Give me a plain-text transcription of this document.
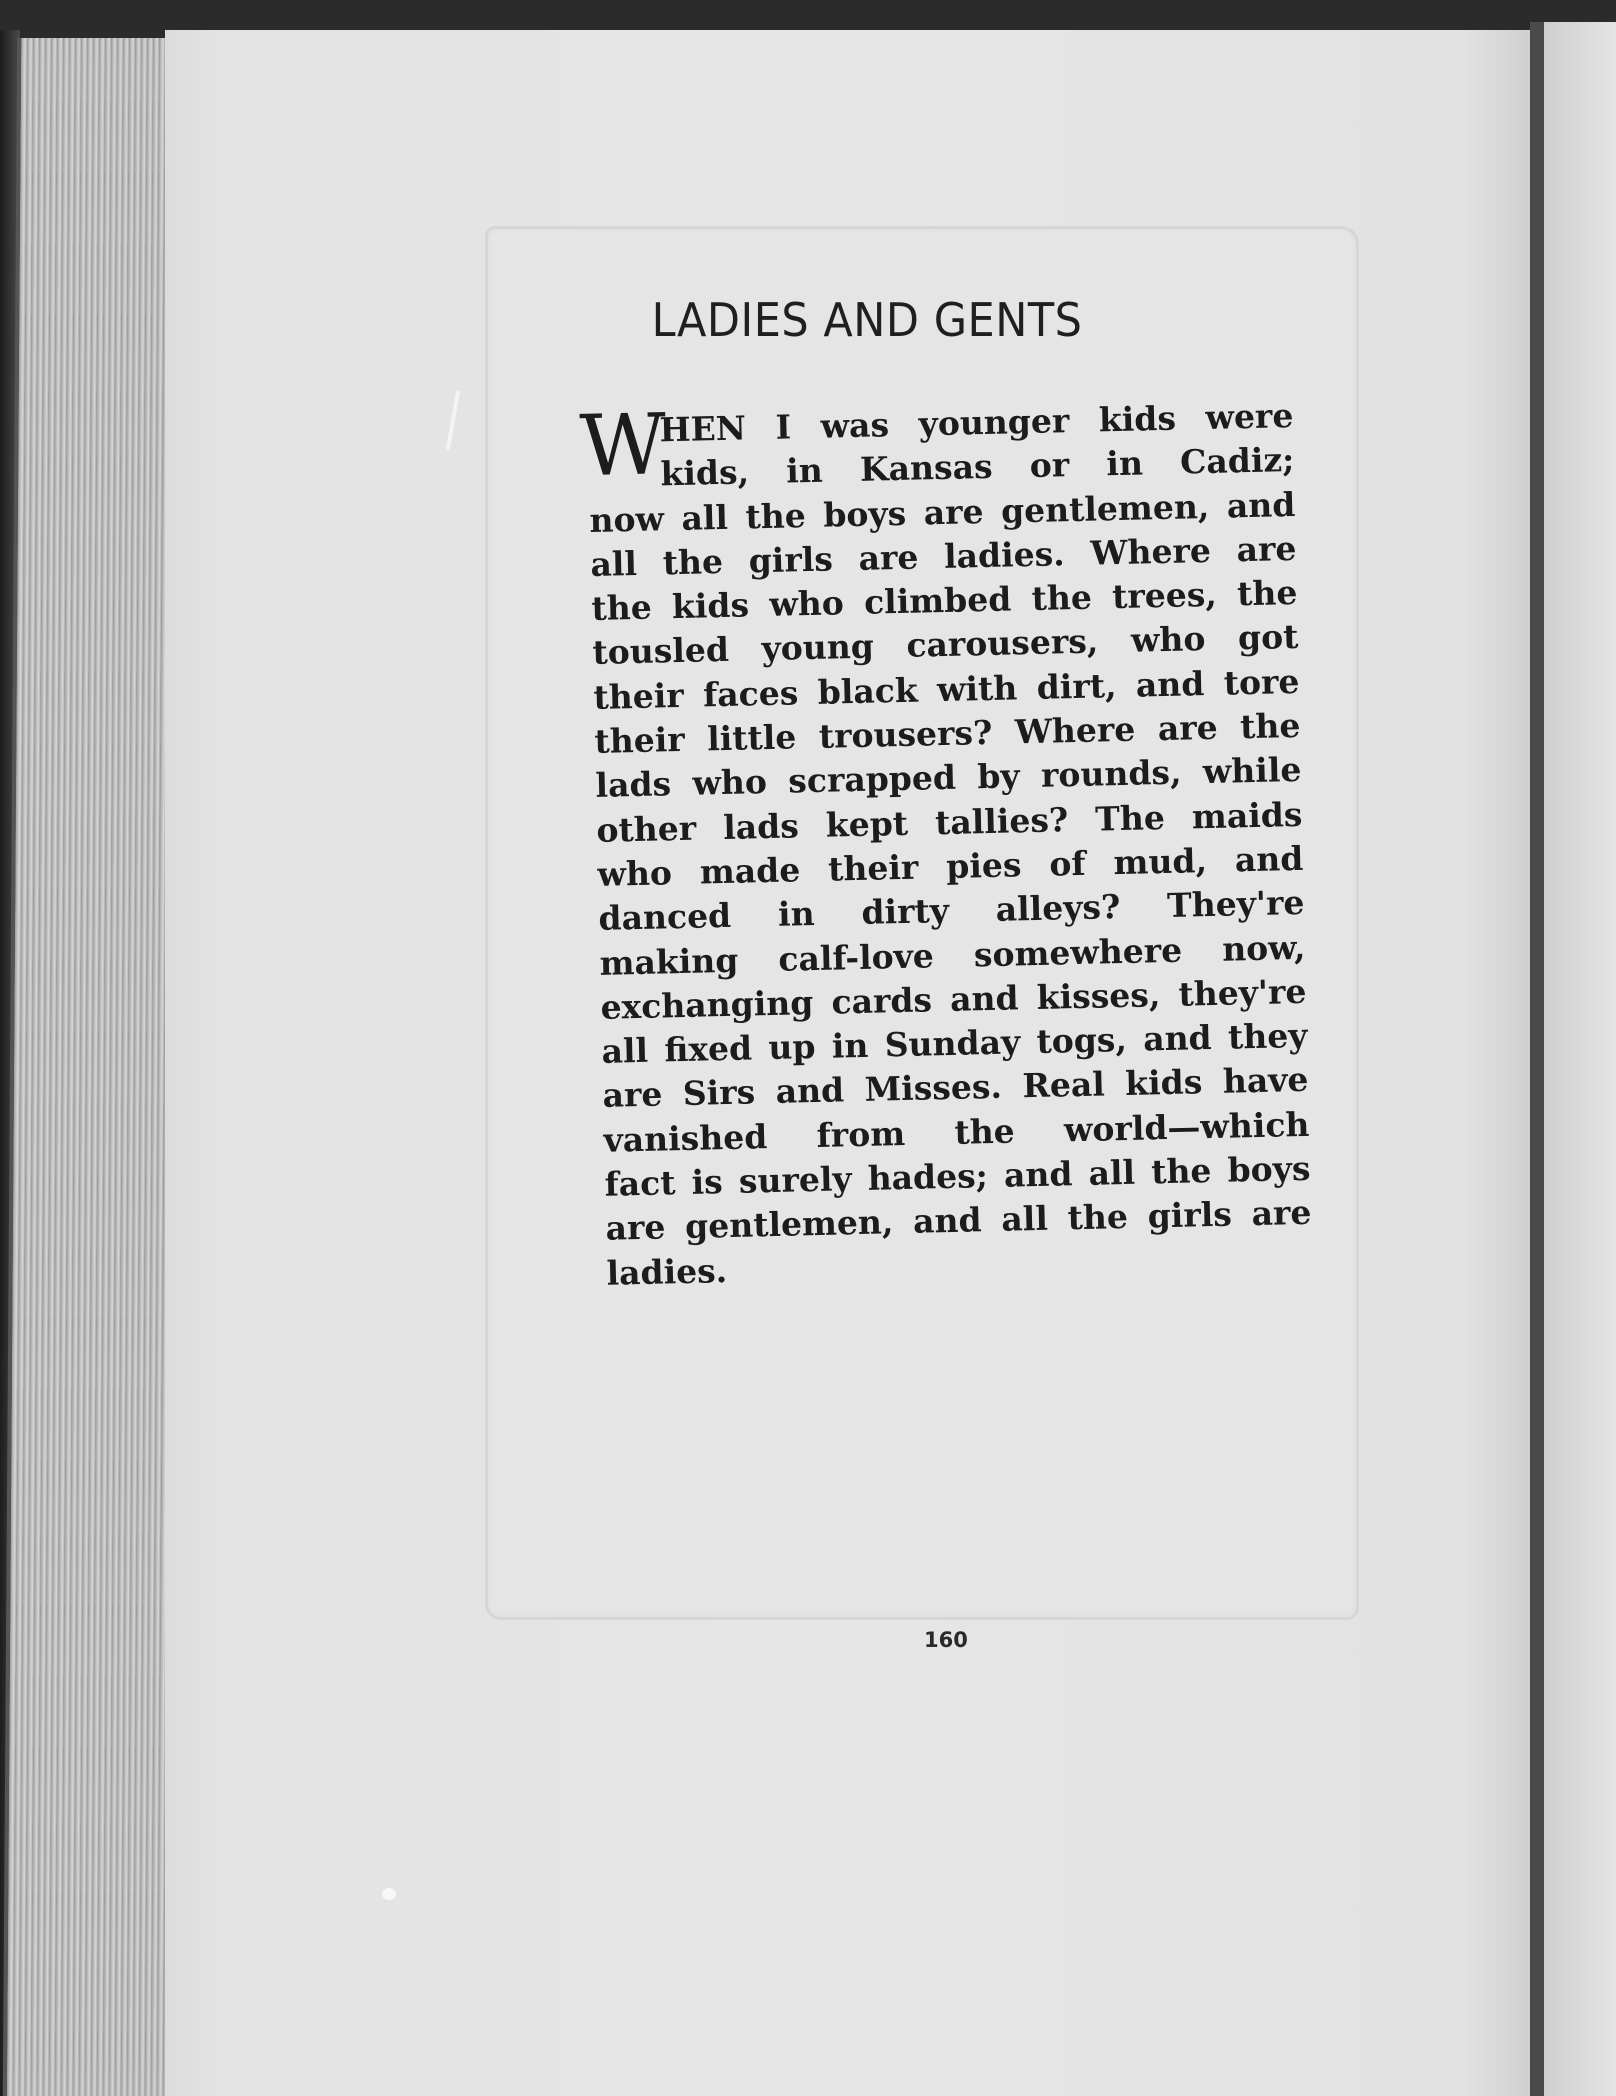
LADIES AND GENTS
W
HEN I was younger kids were
kids, in Kansas or in Cadiz;
now all the boys are gentlemen, and
all the girls are ladies. Where are
the kids who climbed the trees, the
tousled young carousers, who got
their faces black with dirt, and tore
their little trousers? Where are the
lads who scrapped by rounds, while
other lads kept tallies? The maids
who made their pies of mud, and
danced in dirty alleys? They're
making calf-love somewhere now,
exchanging cards and kisses, they're
all fixed up in Sunday togs, and they
are Sirs and Misses. Real kids have
vanished from the world—which
fact is surely hades; and all the boys
are gentlemen, and all the girls are
ladies.
160
